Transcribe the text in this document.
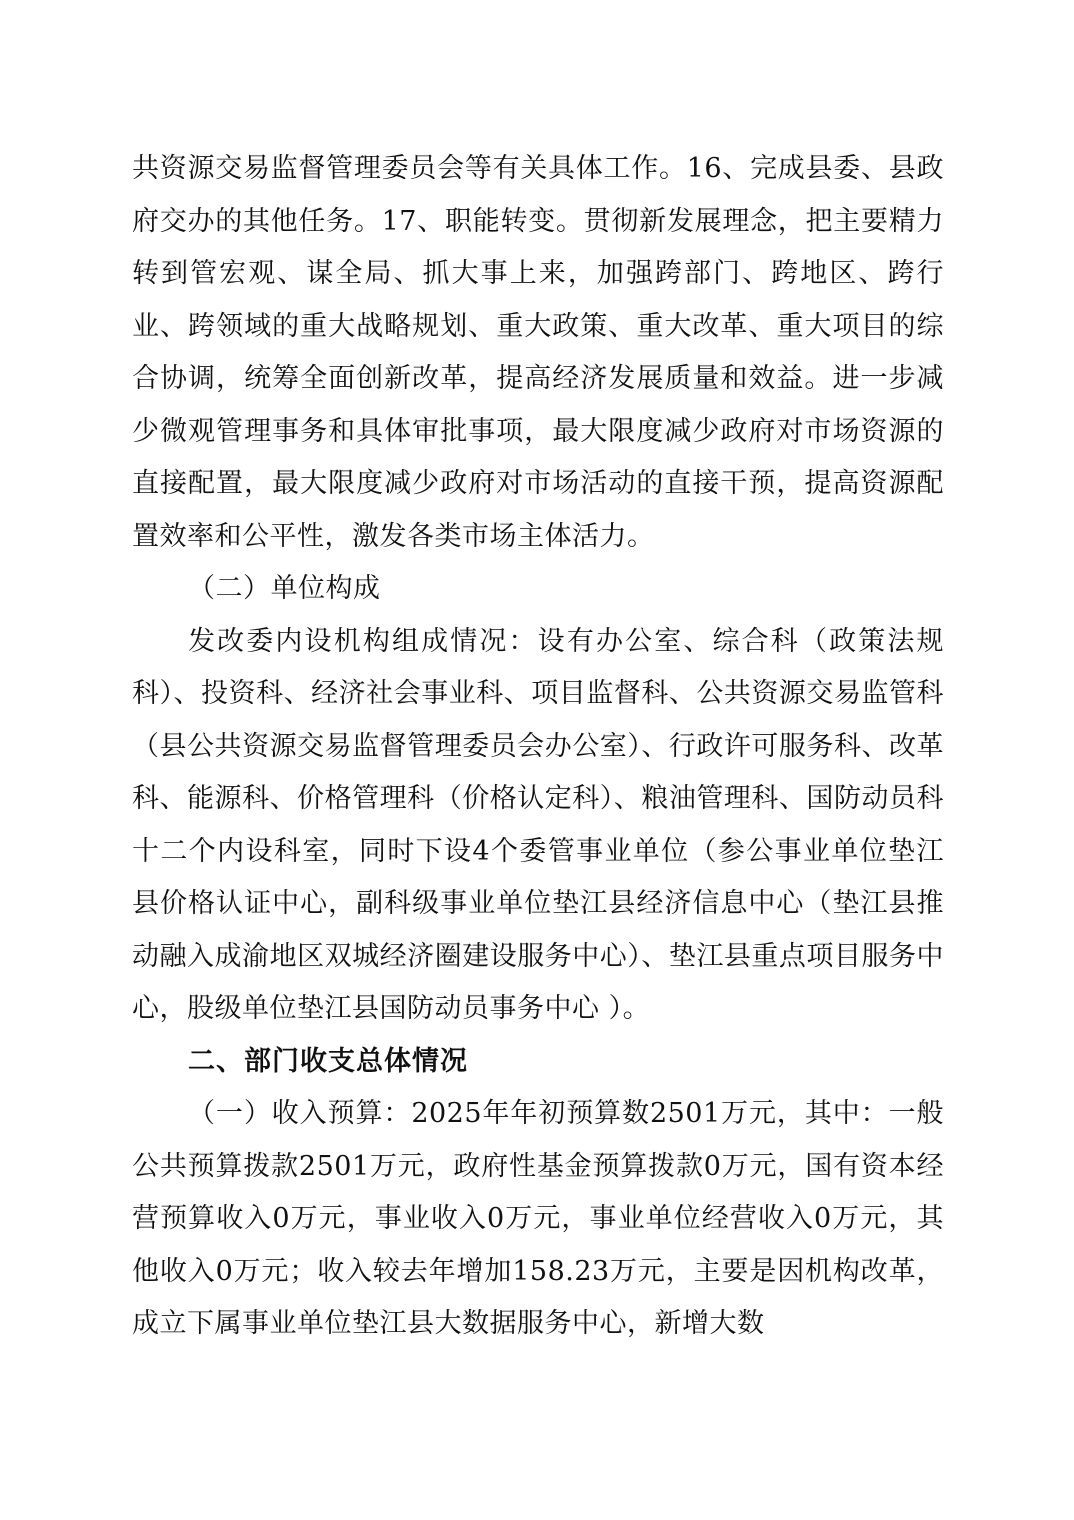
共资源交易监督管理委员会等有关具体工作。16、完成县委、县政府交办的其他任务。17、职能转变。贯彻新发展理念，把主要精力转到管宏观、谋全局、抓大事上来，加强跨部门、跨地区、跨行业、跨领域的重大战略规划、重大政策、重大改革、重大项目的综合协调，统筹全面创新改革，提高经济发展质量和效益。进一步减少微观管理事务和具体审批事项，最大限度减少政府对市场资源的直接配置，最大限度减少政府对市场活动的直接干预，提高资源配置效率和公平性，激发各类市场主体活力。

（二）单位构成

发改委内设机构组成情况：设有办公室、综合科（政策法规科）、投资科、经济社会事业科、项目监督科、公共资源交易监管科（县公共资源交易监督管理委员会办公室）、行政许可服务科、改革科、能源科、价格管理科（价格认定科）、粮油管理科、国防动员科十二个内设科室，同时下设4个委管事业单位（参公事业单位垫江县价格认证中心，副科级事业单位垫江县经济信息中心（垫江县推动融入成渝地区双城经济圈建设服务中心）、垫江县重点项目服务中心，股级单位垫江县国防动员事务中心 ）。

二、部门收支总体情况

（一）收入预算：2025年年初预算数2501万元，其中：一般公共预算拨款2501万元，政府性基金预算拨款0万元，国有资本经营预算收入0万元，事业收入0万元，事业单位经营收入0万元，其他收入0万元；收入较去年增加158.23万元，主要是因机构改革，成立下属事业单位垫江县大数据服务中心，新增大数
